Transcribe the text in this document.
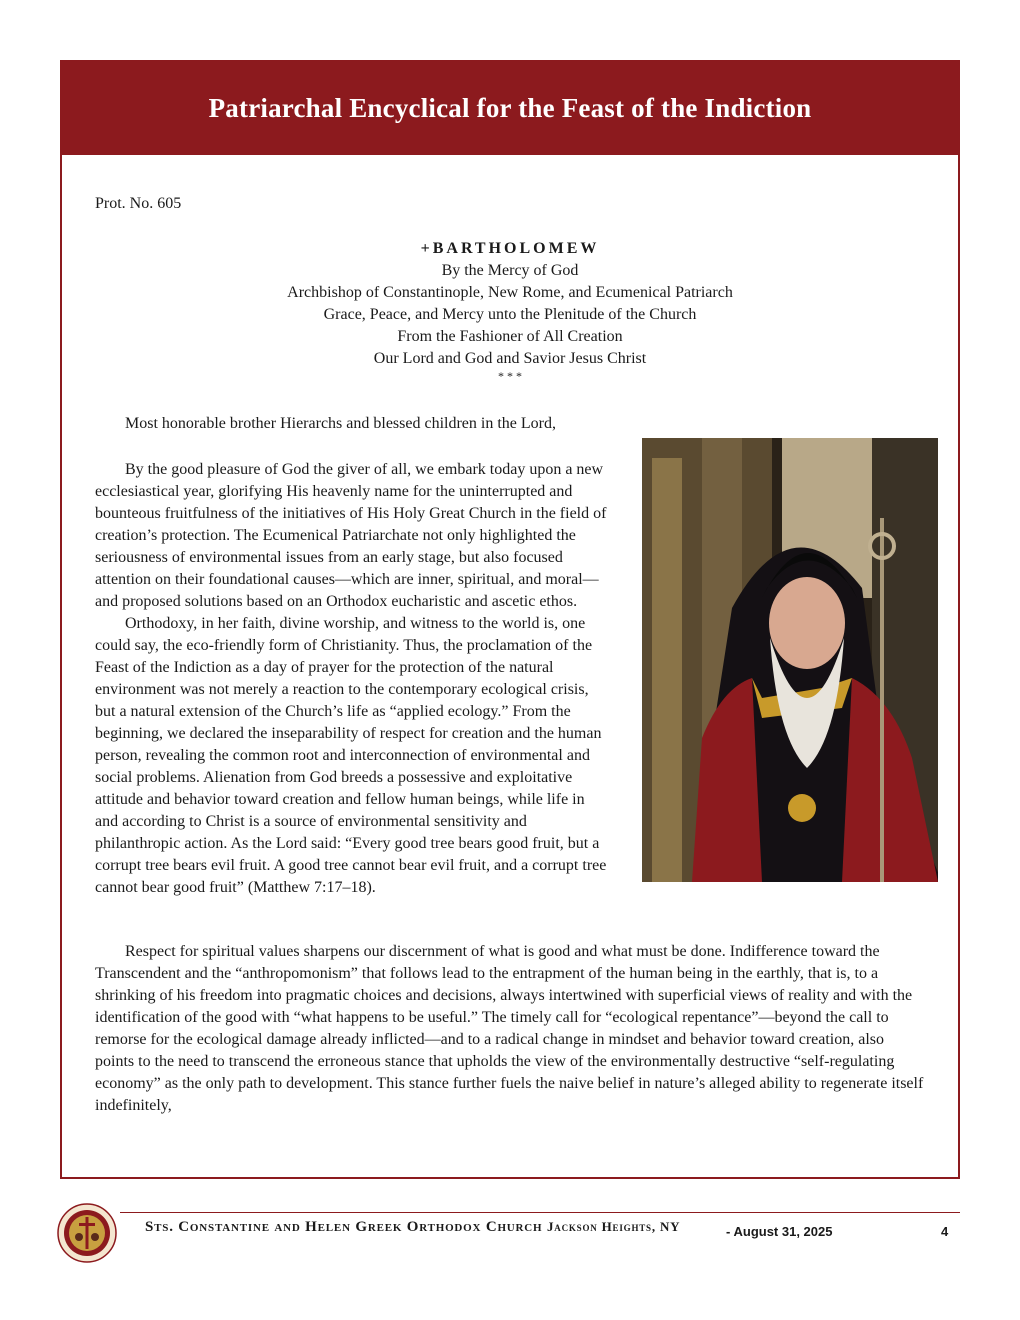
Patriarchal Encyclical for the Feast of the Indiction
Prot. No. 605
+BARTHOLOMEW
By the Mercy of God
Archbishop of Constantinople, New Rome, and Ecumenical Patriarch
Grace, Peace, and Mercy unto the Plenitude of the Church
From the Fashioner of All Creation
Our Lord and God and Savior Jesus Christ
* * *
Most honorable brother Hierarchs and blessed children in the Lord,

By the good pleasure of God the giver of all, we embark today upon a new ecclesiastical year, glorifying His heavenly name for the uninterrupted and bounteous fruitfulness of the initiatives of His Holy Great Church in the field of creation’s protection. The Ecumenical Patriarchate not only highlighted the seriousness of environmental issues from an early stage, but also focused attention on their foundational causes—which are inner, spiritual, and moral—and proposed solutions based on an Orthodox eucharistic and ascetic ethos.

Orthodoxy, in her faith, divine worship, and witness to the world is, one could say, the eco-friendly form of Christianity. Thus, the proclamation of the Feast of the Indiction as a day of prayer for the protection of the natural environment was not merely a reaction to the contemporary ecological crisis, but a natural extension of the Church’s life as “applied ecology.” From the beginning, we declared the inseparability of respect for creation and the human person, revealing the common root and interconnection of environmental and social problems. Alienation from God breeds a possessive and exploitative attitude and behavior toward creation and fellow human beings, while life in and according to Christ is a source of environmental sensitivity and philanthropic action. As the Lord said: “Every good tree bears good fruit, but a corrupt tree bears evil fruit. A good tree cannot bear evil fruit, and a corrupt tree cannot bear good fruit” (Matthew 7:17–18).

Respect for spiritual values sharpens our discernment of what is good and what must be done. Indifference toward the Transcendent and the “anthropomonism” that follows lead to the entrapment of the human being in the earthly, that is, to a shrinking of his freedom into pragmatic choices and decisions, always intertwined with superficial views of reality and with the identification of the good with “what happens to be useful.” The timely call for “ecological repentance”—beyond the call to remorse for the ecological damage already inflicted—and to a radical change in mindset and behavior toward creation, also points to the need to transcend the erroneous stance that upholds the view of the environmentally destructive “self-regulating economy” as the only path to development. This stance further fuels the naive belief in nature’s alleged ability to regenerate itself indefinitely,

Sts. Constantine and Helen Greek Orthodox Church Jackson Heights, NY	- August 31, 2025	4
